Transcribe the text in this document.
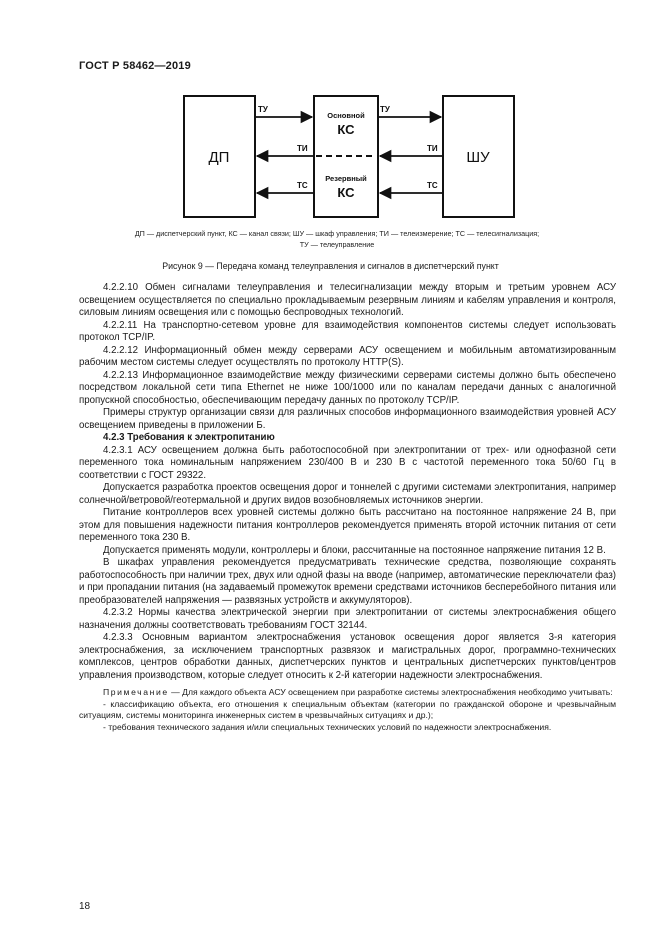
ГОСТ Р 58462—2019
ДП	ШУ
Основной
КС
Резервный
КС
ТУ	ТУ
ТИ	ТИ
ТС	ТС
ДП — диспетчерский пункт, КС — канал связи; ШУ — шкаф управления; ТИ — телеизмерение; ТС — телесигнализация;
ТУ — телеуправление
Рисунок 9 — Передача команд телеуправления и сигналов в диспетчерский пункт

4.2.2.10 Обмен сигналами телеуправления и телесигнализации между вторым и третьим уровнем АСУ освещением осуществляется по специально прокладываемым резервным линиям и кабелям управления и контроля, силовым линиям освещения или с помощью беспроводных технологий.

4.2.2.11 На транспортно-сетевом уровне для взаимодействия компонентов системы следует использовать протокол TCP/IP.

4.2.2.12 Информационный обмен между серверами АСУ освещением и мобильным автоматизированным рабочим местом системы следует осуществлять по протоколу HTTP(S).

4.2.2.13 Информационное взаимодействие между физическими серверами системы должно быть обеспечено посредством локальной сети типа Ethernet не ниже 100/1000 или по каналам передачи данных с аналогичной пропускной способностью, обеспечивающим передачу данных по протоколу TCP/IP.

Примеры структур организации связи для различных способов информационного взаимодействия уровней АСУ освещением приведены в приложении Б.

4.2.3 Требования к электропитанию

4.2.3.1 АСУ освещением должна быть работоспособной при электропитании от трех- или однофазной сети переменного тока номинальным напряжением 230/400 В и 230 В с частотой переменного тока 50/60 Гц в соответствии с ГОСТ 29322.

Допускается разработка проектов освещения дорог и тоннелей с другими системами электропитания, например солнечной/ветровой/геотермальной и других видов возобновляемых источников энергии.

Питание контроллеров всех уровней системы должно быть рассчитано на постоянное напряжение 24 В, при этом для повышения надежности питания контроллеров рекомендуется применять второй источник питания от сети переменного тока 230 В.

Допускается применять модули, контроллеры и блоки, рассчитанные на постоянное напряжение питания 12 В.

В шкафах управления рекомендуется предусматривать технические средства, позволяющие сохранять работоспособность при наличии трех, двух или одной фазы на вводе (например, автоматические переключатели фаз) и при пропадании питания (на задаваемый промежуток времени средствами источников бесперебойного питания или преобразователей напряжения — развязных устройств и аккумуляторов).

4.2.3.2 Нормы качества электрической энергии при электропитании от системы электроснабжения общего назначения должны соответствовать требованиям ГОСТ 32144.

4.2.3.3 Основным вариантом электроснабжения установок освещения дорог является 3-я категория электроснабжения, за исключением транспортных развязок и магистральных дорог, программно-технических комплексов, центров обработки данных, диспетчерских пунктов и центральных диспетчерских пунктов/центров управления производством, которые следует относить к 2-й категории надежности электроснабжения.

Примечание — Для каждого объекта АСУ освещением при разработке системы электроснабжения необходимо учитывать:

- классификацию объекта, его отношения к специальным объектам (категории по гражданской обороне и чрезвычайным ситуациям, системы мониторинга инженерных систем в чрезвычайных ситуациях и др.);

- требования технического задания и/или специальных технических условий по надежности электроснабжения.

18
